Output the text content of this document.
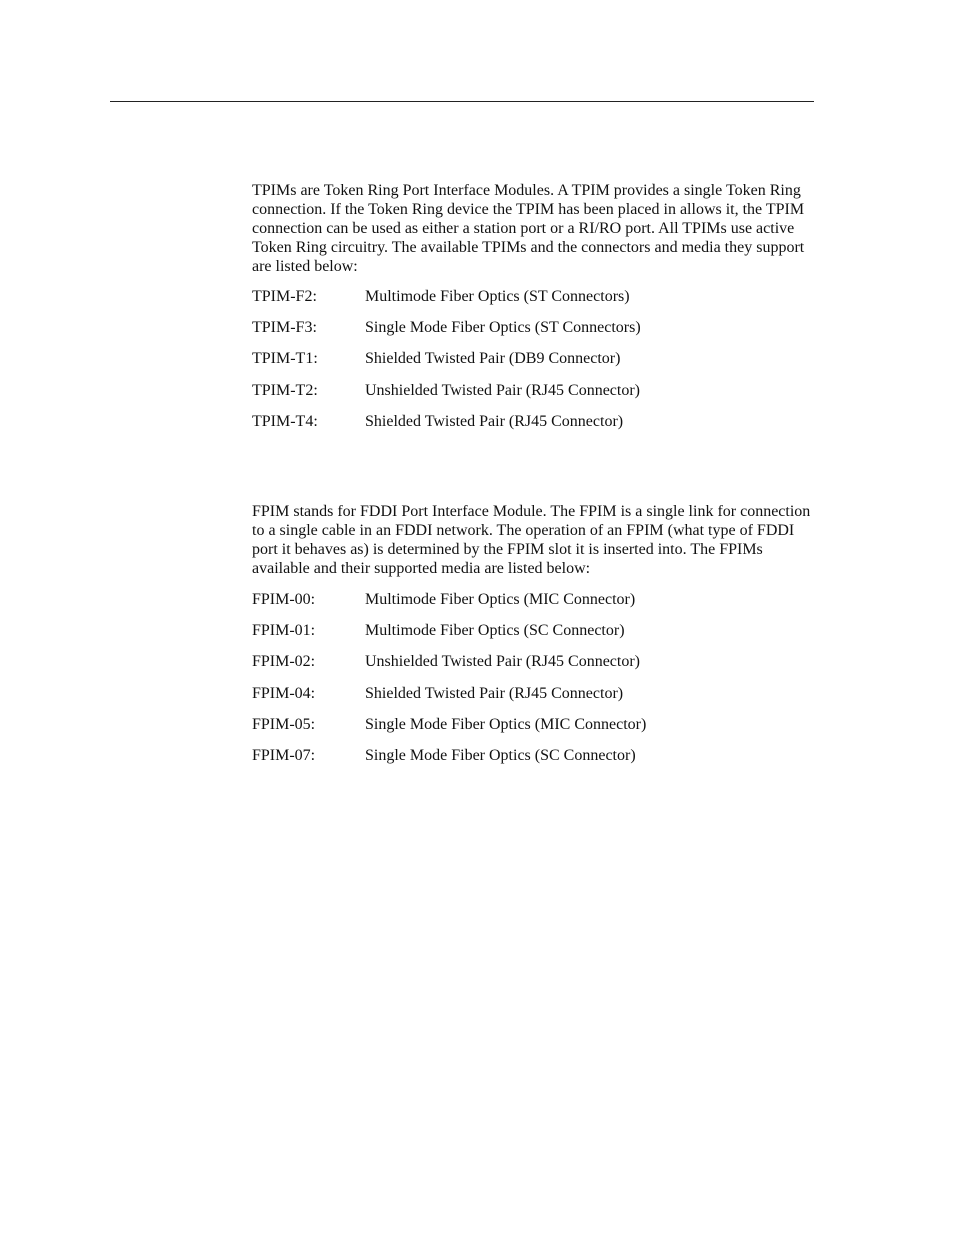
TPIMs are Token Ring Port Interface Modules. A TPIM provides a single Token Ring connection. If the Token Ring device the TPIM has been placed in allows it, the TPIM connection can be used as either a station port or a RI/RO port. All TPIMs use active Token Ring circuitry. The available TPIMs and the connectors and media they support are listed below:

TPIM-F2:	Multimode Fiber Optics (ST Connectors)
TPIM-F3:	Single Mode Fiber Optics (ST Connectors)
TPIM-T1:	Shielded Twisted Pair (DB9 Connector)
TPIM-T2:	Unshielded Twisted Pair (RJ45 Connector)
TPIM-T4:	Shielded Twisted Pair (RJ45 Connector)

FPIM stands for FDDI Port Interface Module. The FPIM is a single link for connection to a single cable in an FDDI network. The operation of an FPIM (what type of FDDI port it behaves as) is determined by the FPIM slot it is inserted into. The FPIMs available and their supported media are listed below:

FPIM-00:	Multimode Fiber Optics (MIC Connector)
FPIM-01:	Multimode Fiber Optics (SC Connector)
FPIM-02:	Unshielded Twisted Pair (RJ45 Connector)
FPIM-04:	Shielded Twisted Pair (RJ45 Connector)
FPIM-05:	Single Mode Fiber Optics (MIC Connector)
FPIM-07:	Single Mode Fiber Optics (SC Connector)
